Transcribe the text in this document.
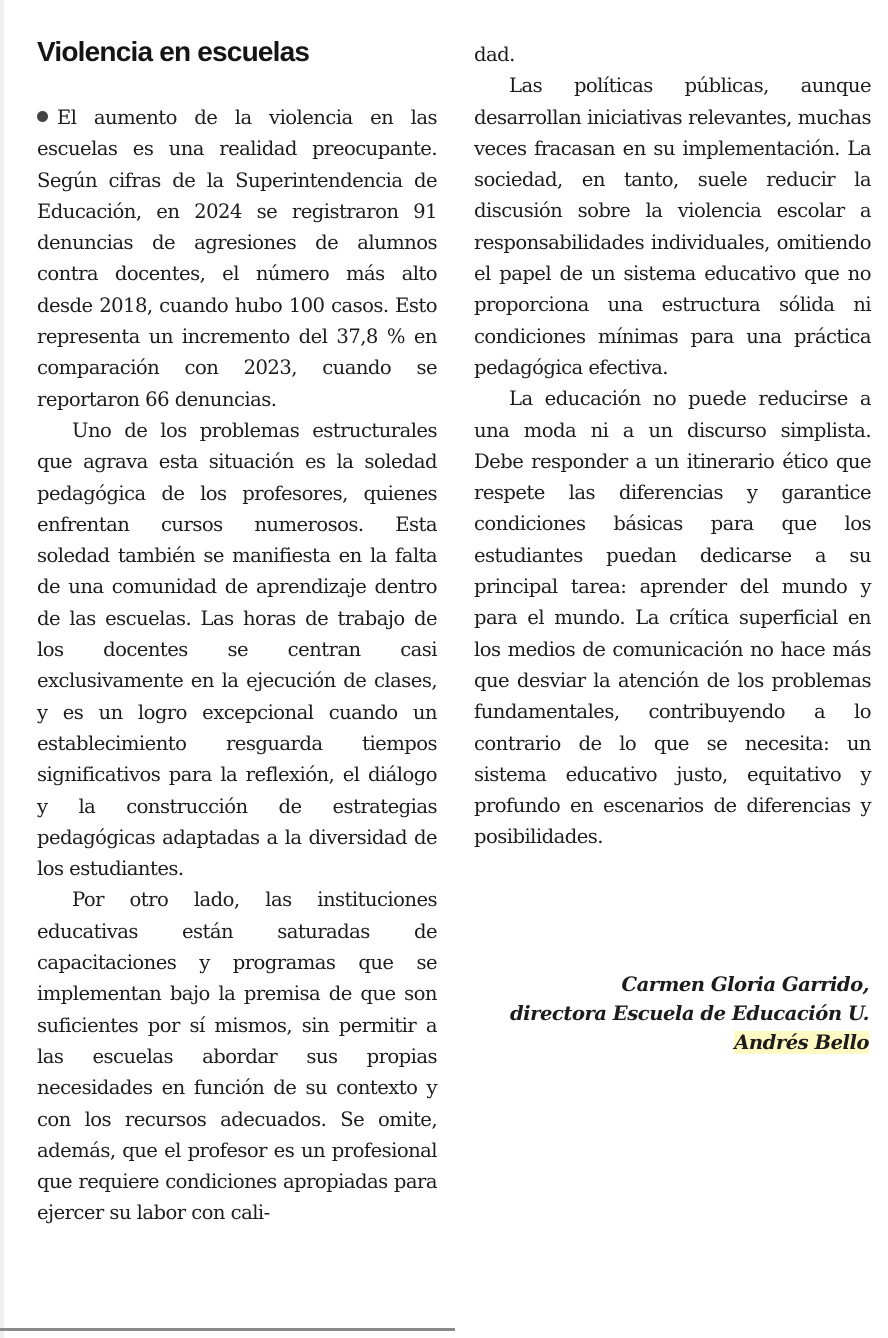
Violencia en escuelas

El aumento de la violencia en las escuelas es una realidad preocupante. Según cifras de la Superintendencia de Educación, en 2024 se registraron 91 denuncias de agresiones de alumnos contra docentes, el número más alto desde 2018, cuando hubo 100 casos. Esto representa un incremento del 37,8 % en comparación con 2023, cuando se reportaron 66 denuncias.

Uno de los problemas estructurales que agrava esta situación es la soledad pedagógica de los profesores, quienes enfrentan cursos numerosos. Esta soledad también se manifiesta en la falta de una comunidad de aprendizaje dentro de las escuelas. Las horas de trabajo de los docentes se centran casi exclusivamente en la ejecución de clases, y es un logro excepcional cuando un establecimiento resguarda tiempos significativos para la reflexión, el diálogo y la construcción de estrategias pedagógicas adaptadas a la diversidad de los estudiantes.

Por otro lado, las instituciones educativas están saturadas de capacitaciones y programas que se implementan bajo la premisa de que son suficientes por sí mismos, sin permitir a las escuelas abordar sus propias necesidades en función de su contexto y con los recursos adecuados. Se omite, además, que el profesor es un profesional que requiere condiciones apropiadas para ejercer su labor con cali-

dad.

Las políticas públicas, aunque desarrollan iniciativas relevantes, muchas veces fracasan en su implementación. La sociedad, en tanto, suele reducir la discusión sobre la violencia escolar a responsabilidades individuales, omitiendo el papel de un sistema educativo que no proporciona una estructura sólida ni condiciones mínimas para una práctica pedagógica efectiva.

La educación no puede reducirse a una moda ni a un discurso simplista. Debe responder a un itinerario ético que respete las diferencias y garantice condiciones básicas para que los estudiantes puedan dedicarse a su principal tarea: aprender del mundo y para el mundo. La crítica superficial en los medios de comunicación no hace más que desviar la atención de los problemas fundamentales, contribuyendo a lo contrario de lo que se necesita: un sistema educativo justo, equitativo y profundo en escenarios de diferencias y posibilidades.

Carmen Gloria Garrido,
directora Escuela de Educación U.
Andrés Bello
